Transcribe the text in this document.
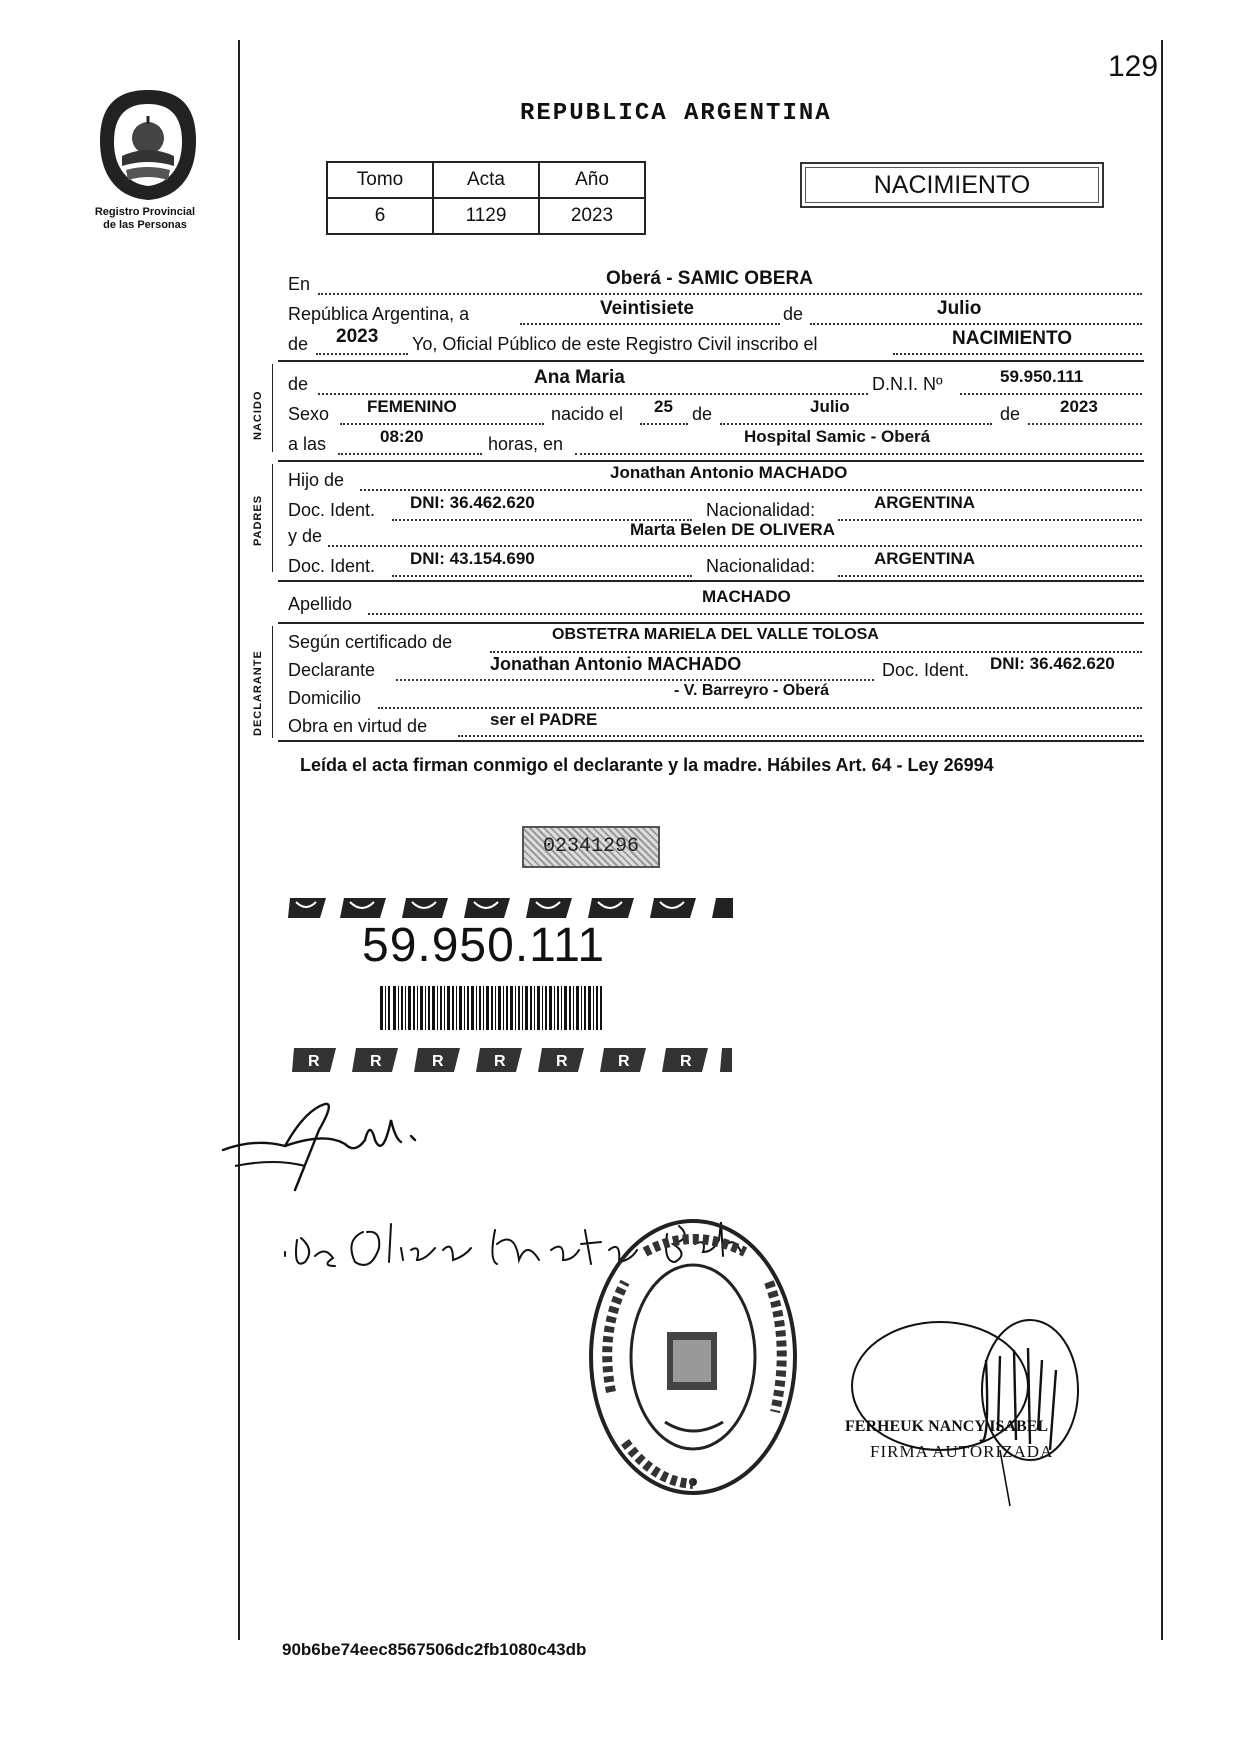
129
Registro Provincial
de las Personas
REPUBLICA ARGENTINA
Tomo	Acta	Año
6	1129	2023
NACIMIENTO
En	Oberá - SAMIC OBERA
República Argentina, a	Veintisiete	de	Julio
de 2023 Yo, Oficial Público de este Registro Civil inscribo el	NACIMIENTO
NACIDO
de	Ana Maria	D.N.I. Nº	59.950.111
Sexo FEMENINO	nacido el 25 de	Julio	de 2023
a las	08:20	horas, en	Hospital Samic - Oberá
PADRES
Hijo de	Jonathan Antonio MACHADO
Doc. Ident. DNI: 36.462.620	Nacionalidad:	ARGENTINA
y de	Marta Belen DE OLIVERA
Doc. Ident. DNI: 43.154.690	Nacionalidad:	ARGENTINA
Apellido	MACHADO
DECLARANTE
Según certificado de	OBSTETRA MARIELA DEL VALLE TOLOSA
Declarante	Jonathan Antonio MACHADO	Doc. Ident. DNI: 36.462.620
Domicilio	- V. Barreyro - Oberá
Obra en virtud de	ser el PADRE
Leída el acta firman conmigo el declarante y la madre. Hábiles Art. 64 - Ley 26994
02341296
59.950.111
R	R	R	R	R	R	R
FERHEUK NANCY ISABEL
FIRMA AUTORIZADA
90b6be74eec8567506dc2fb1080c43db
